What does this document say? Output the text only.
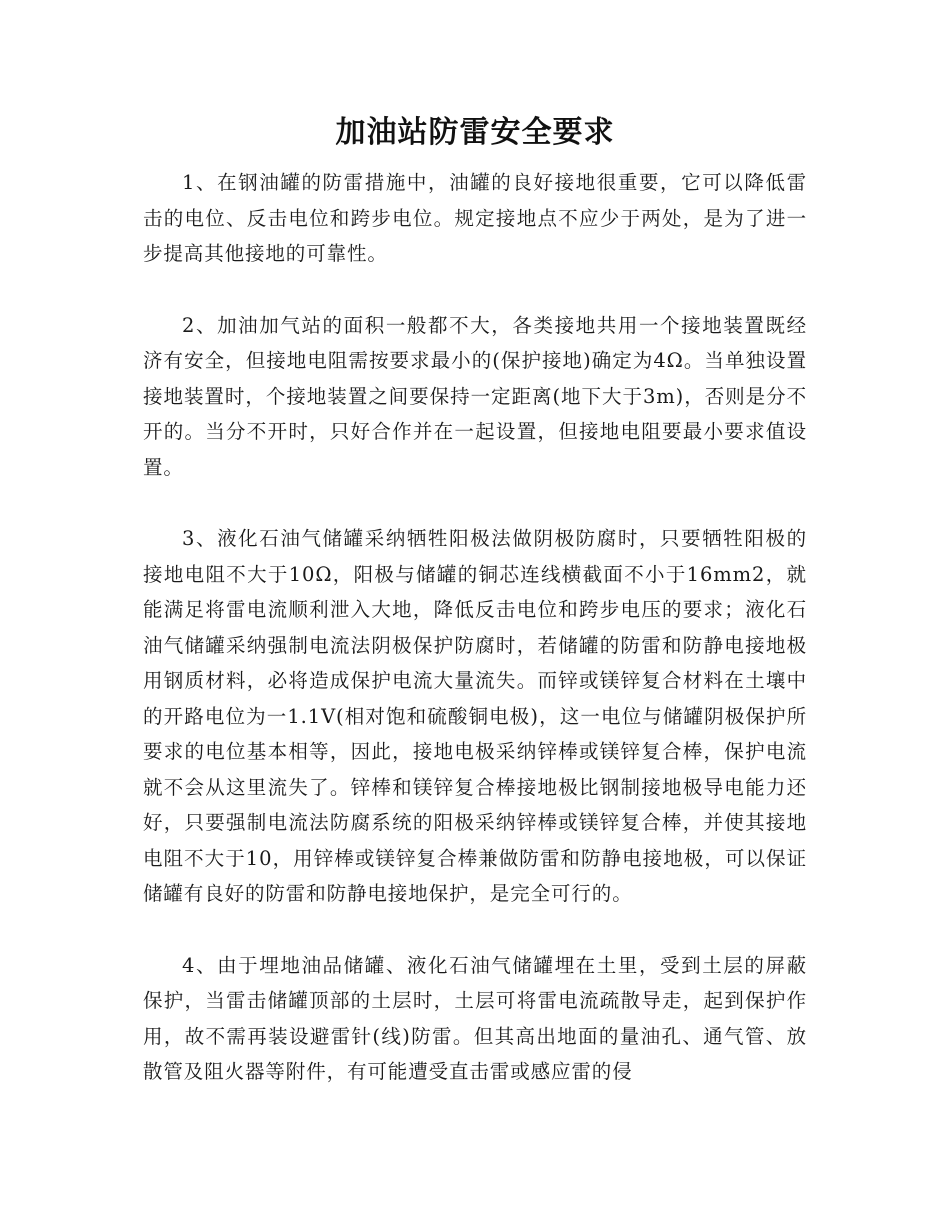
加油站防雷安全要求

1、在钢油罐的防雷措施中，油罐的良好接地很重要，它可以降低雷击的电位、反击电位和跨步电位。规定接地点不应少于两处，是为了进一步提高其他接地的可靠性。

2、加油加气站的面积一般都不大，各类接地共用一个接地装置既经济有安全，但接地电阻需按要求最小的(保护接地)确定为4Ω。当单独设置接地装置时，个接地装置之间要保持一定距离(地下大于3m)，否则是分不开的。当分不开时，只好合作并在一起设置，但接地电阻要最小要求值设置。

3、液化石油气储罐采纳牺牲阳极法做阴极防腐时，只要牺牲阳极的接地电阻不大于10Ω，阳极与储罐的铜芯连线横截面不小于16mm2，就能满足将雷电流顺利泄入大地，降低反击电位和跨步电压的要求；液化石油气储罐采纳强制电流法阴极保护防腐时，若储罐的防雷和防静电接地极用钢质材料，必将造成保护电流大量流失。而锌或镁锌复合材料在土壤中的开路电位为一1.1V(相对饱和硫酸铜电极)，这一电位与储罐阴极保护所要求的电位基本相等，因此，接地电极采纳锌棒或镁锌复合棒，保护电流就不会从这里流失了。锌棒和镁锌复合棒接地极比钢制接地极导电能力还好，只要强制电流法防腐系统的阳极采纳锌棒或镁锌复合棒，并使其接地电阻不大于10，用锌棒或镁锌复合棒兼做防雷和防静电接地极，可以保证储罐有良好的防雷和防静电接地保护，是完全可行的。

4、由于埋地油品储罐、液化石油气储罐埋在土里，受到土层的屏蔽保护，当雷击储罐顶部的土层时，土层可将雷电流疏散导走，起到保护作用，故不需再装设避雷针(线)防雷。但其高出地面的量油孔、通气管、放散管及阻火器等附件，有可能遭受直击雷或感应雷的侵
